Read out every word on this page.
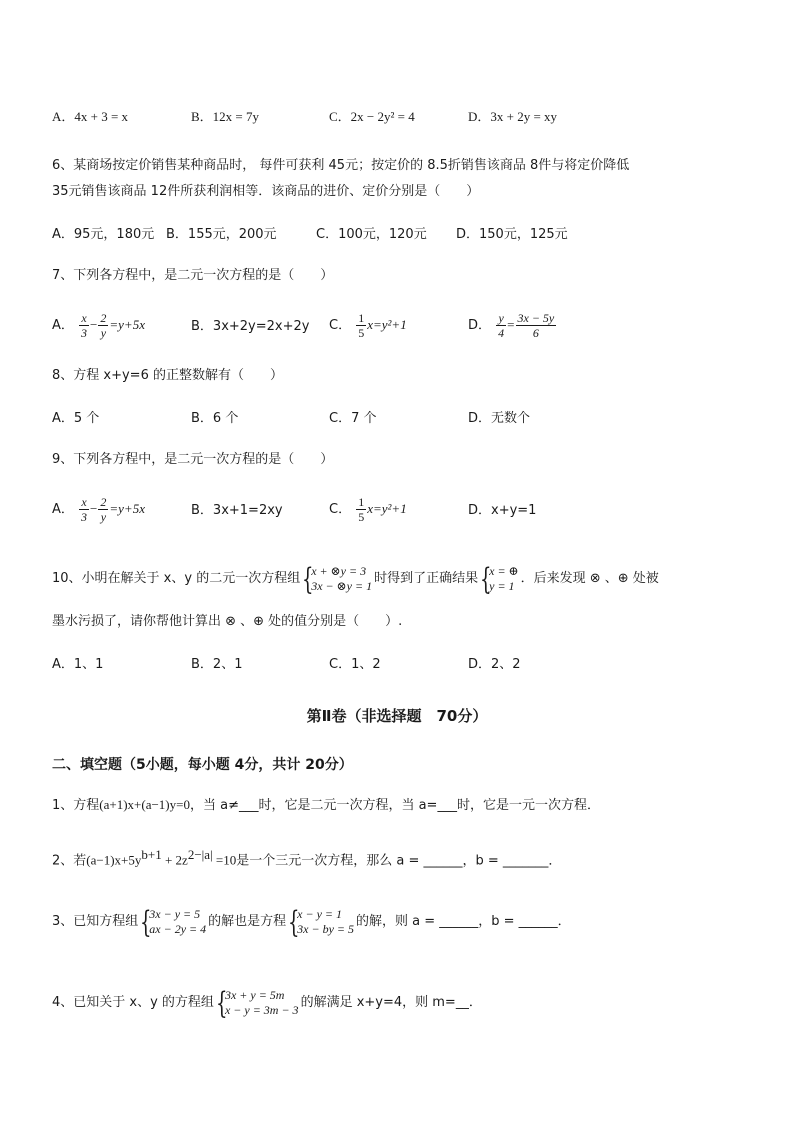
A．4x + 3 = x	B．12x = 7y	C．2x − 2y² = 4	D．3x + 2y = xy
6、某商场按定价销售某种商品时， 每件可获利 45元；按定价的 8.5折销售该商品 8件与将定价降低
35元销售该商品 12件所获利润相等．该商品的进价、定价分别是（　　）
A．95元，180元 B．155元，200元	C．100元，120元 D．150元，125元
7、下列各方程中，是二元一次方程的是（　　）
A． $\frac{x}{3} - \frac{2}{y} =y+5x$	B．3x+2y=2x+2y C． $\frac{1}{5} x=y^2+1$	D． $\frac{y}{4} = \frac{3x - 5y}{6}$
8、方程 x+y=6 的正整数解有（　　）
A．5 个	B．6 个	C．7 个	D．无数个
9、下列各方程中，是二元一次方程的是（　　）
A． $\frac{x}{3} - \frac{2}{y} =y+5x$	B．3x+1=2xy	C． $\frac{1}{5} x=y^2+1$	D．x+y=1
10、小明在解关于 x、y 的二元一次方程组 {
x + ⊗y = 3
3x − ⊗y = 1 时得到了正确结果 {
x = ⊕
y = 1 ．后来发现 ⊗ 、⊕ 处被
墨水污损了，请你帮他计算出 ⊗ 、⊕ 处的值分别是（　　）.
A．1、1	B．2、1	C．1、2	D．2、2
第Ⅱ卷（非选择题　70分）
二、填空题（5小题，每小题 4分，共计 20分）
1、方程(a+1)x+(a−1)y=0，当 a≠___时，它是二元一次方程，当 a=___时，它是一元一次方程．
2、若$(a-1)x+5y^{b+1} + 2z^{2-|a|} =10$是一个三元一次方程，那么 a = ______，b = _______．
3、已知方程组 {
3x − y = 5
ax − 2y = 4 的解也是方程 {
x − y = 1
3x − by = 5 的解，则 a = ______，b = ______．
4、已知关于 x、y 的方程组 {
3x + y = 5m
x − y = 3m − 3 的解满足 x+y=4，则 m=__．
